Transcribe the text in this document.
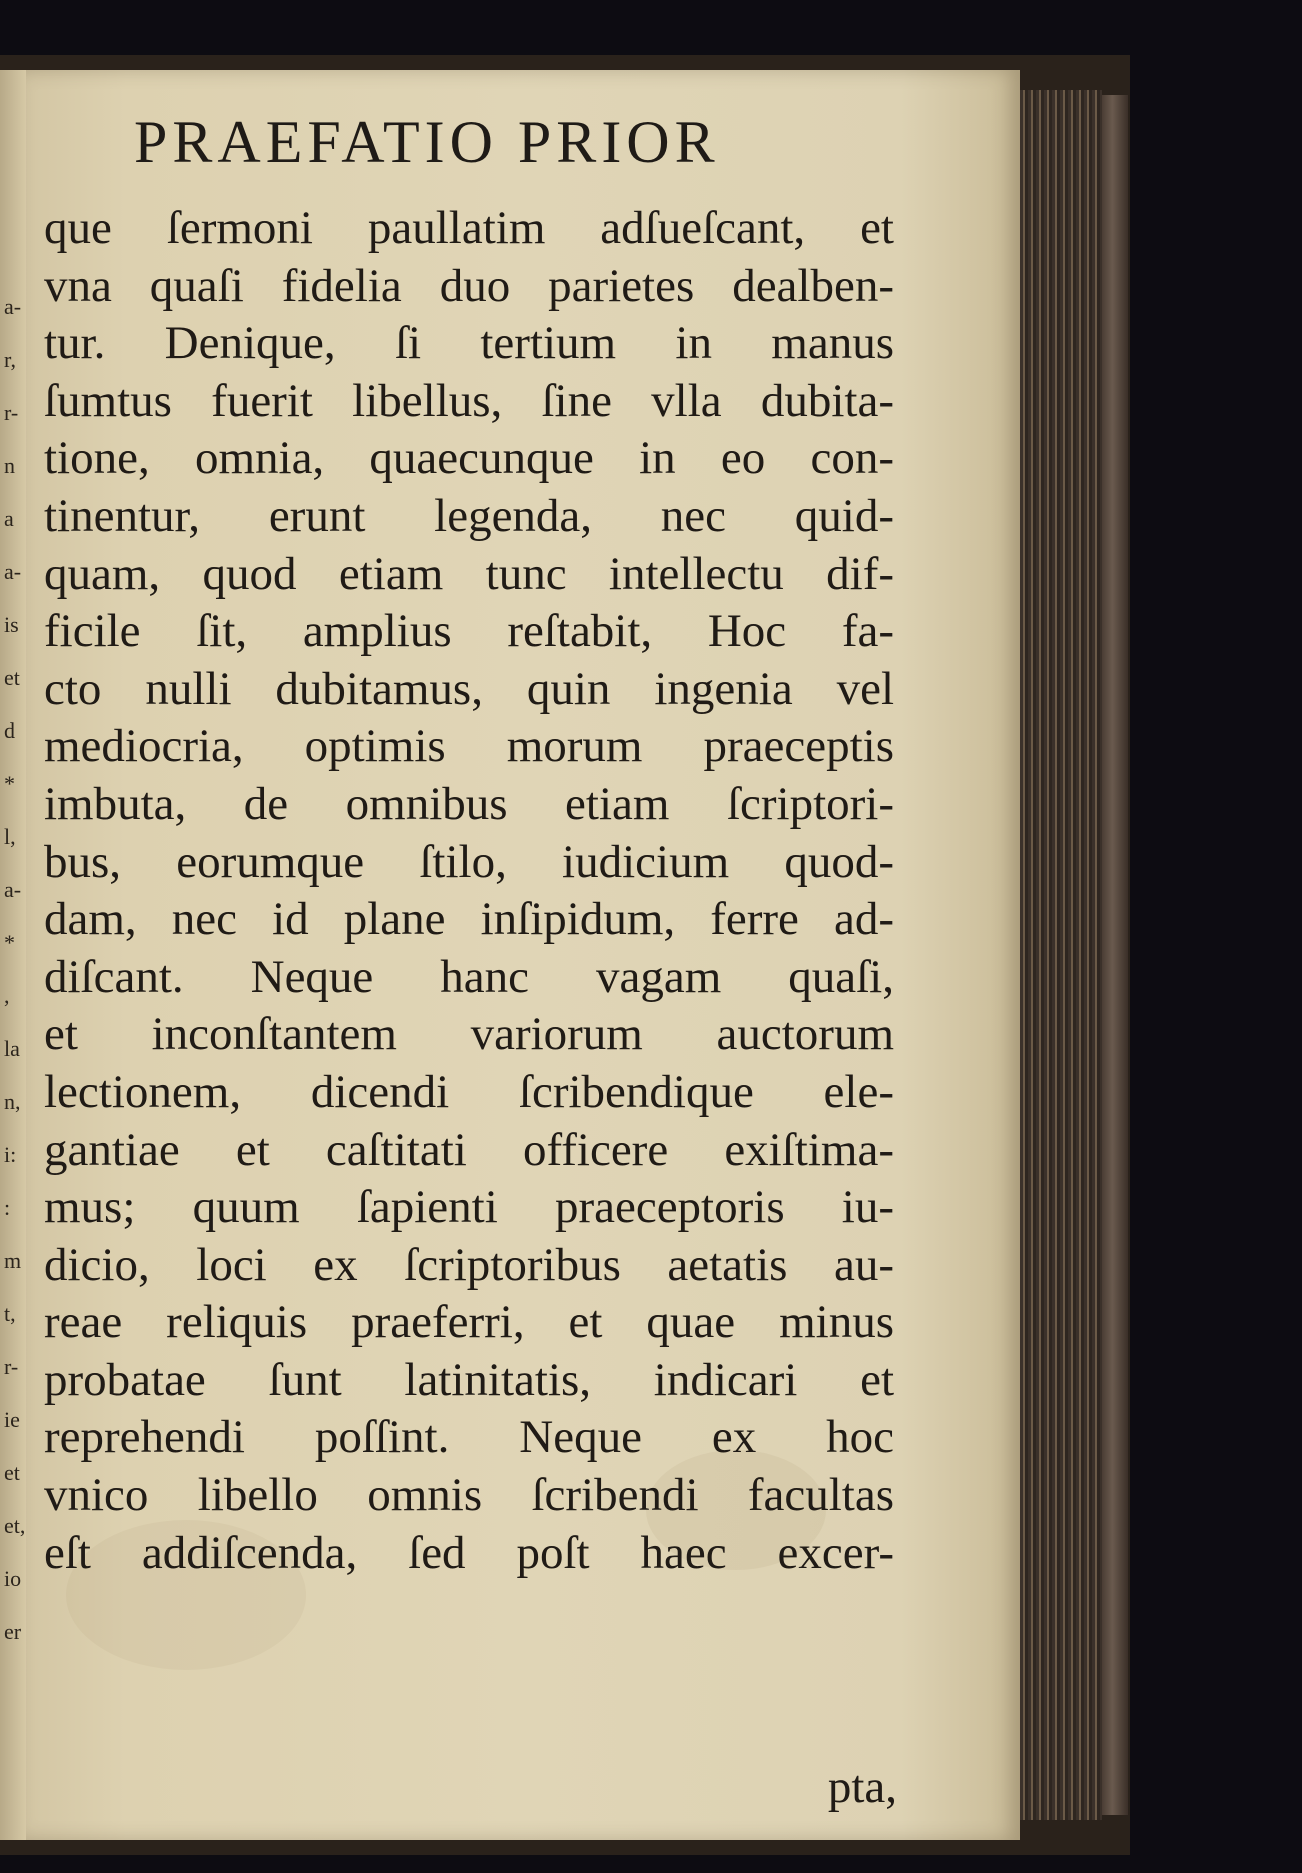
a-
r,
r-
n
a
a-
is
et
d
*
l,
a-
*
,
la
n,
i:
:
m
t,
r-
ie
et
et,
io
er
PRAEFATIO PRIOR
que ſermoni paullatim adſueſcant, et
vna quaſi fidelia duo parietes dealben-
tur. Denique, ſi tertium in manus
ſumtus fuerit libellus, ſine vlla dubita-
tione, omnia, quaecunque in eo con-
tinentur, erunt legenda, nec quid-
quam, quod etiam tunc intellectu dif-
ficile ſit, amplius reſtabit, Hoc fa-
cto nulli dubitamus, quin ingenia vel
mediocria, optimis morum praeceptis
imbuta, de omnibus etiam ſcriptori-
bus, eorumque ſtilo, iudicium quod-
dam, nec id plane inſipidum, ferre ad-
diſcant. Neque hanc vagam quaſi,
et inconſtantem variorum auctorum
lectionem, dicendi ſcribendique ele-
gantiae et caſtitati officere exiſtima-
mus; quum ſapienti praeceptoris iu-
dicio, loci ex ſcriptoribus aetatis au-
reae reliquis praeferri, et quae minus
probatae ſunt latinitatis, indicari et
reprehendi poſſint. Neque ex hoc
vnico libello omnis ſcribendi facultas
eſt addiſcenda, ſed poſt haec excer-
pta,
